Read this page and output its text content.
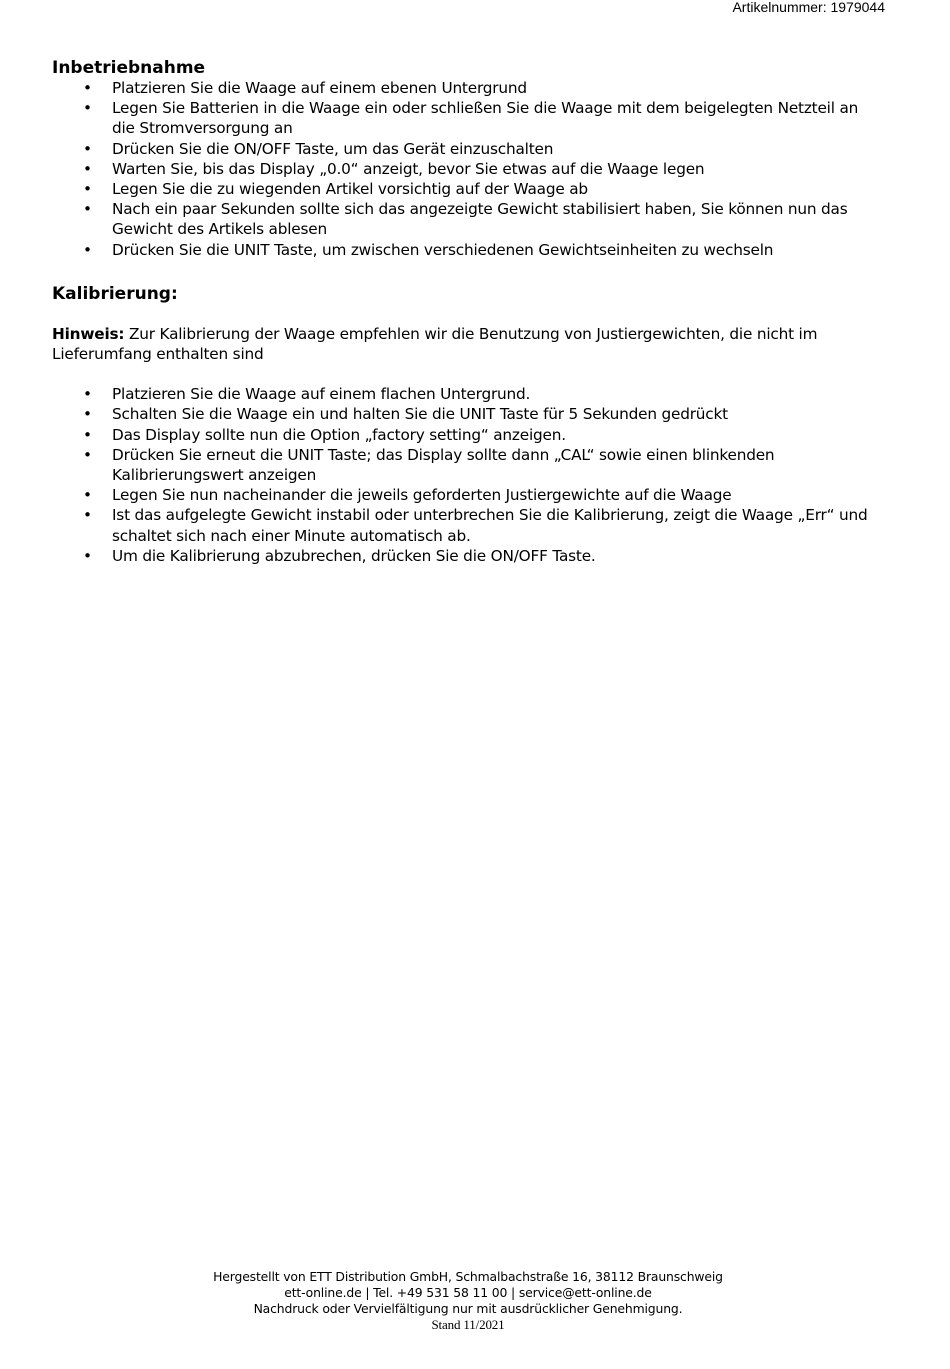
Artikelnummer: 1979044
Inbetriebnahme
• Platzieren Sie die Waage auf einem ebenen Untergrund
• Legen Sie Batterien in die Waage ein oder schließen Sie die Waage mit dem beigelegten Netzteil an die Stromversorgung an
• Drücken Sie die ON/OFF Taste, um das Gerät einzuschalten
• Warten Sie, bis das Display „0.0“ anzeigt, bevor Sie etwas auf die Waage legen
• Legen Sie die zu wiegenden Artikel vorsichtig auf der Waage ab
• Nach ein paar Sekunden sollte sich das angezeigte Gewicht stabilisiert haben, Sie können nun das Gewicht des Artikels ablesen
• Drücken Sie die UNIT Taste, um zwischen verschiedenen Gewichtseinheiten zu wechseln
Kalibrierung:

Hinweis: Zur Kalibrierung der Waage empfehlen wir die Benutzung von Justiergewichten, die nicht im Lieferumfang enthalten sind

• Platzieren Sie die Waage auf einem flachen Untergrund.
• Schalten Sie die Waage ein und halten Sie die UNIT Taste für 5 Sekunden gedrückt
• Das Display sollte nun die Option „factory setting“ anzeigen.
• Drücken Sie erneut die UNIT Taste; das Display sollte dann „CAL“ sowie einen blinkenden Kalibrierungswert anzeigen
• Legen Sie nun nacheinander die jeweils geforderten Justiergewichte auf die Waage
• Ist das aufgelegte Gewicht instabil oder unterbrechen Sie die Kalibrierung, zeigt die Waage „Err“ und schaltet sich nach einer Minute automatisch ab.
• Um die Kalibrierung abzubrechen, drücken Sie die ON/OFF Taste.
Hergestellt von ETT Distribution GmbH, Schmalbachstraße 16, 38112 Braunschweig
ett-online.de | Tel. +49 531 58 11 00 | service@ett-online.de
Nachdruck oder Vervielfältigung nur mit ausdrücklicher Genehmigung.
Stand 11/2021
